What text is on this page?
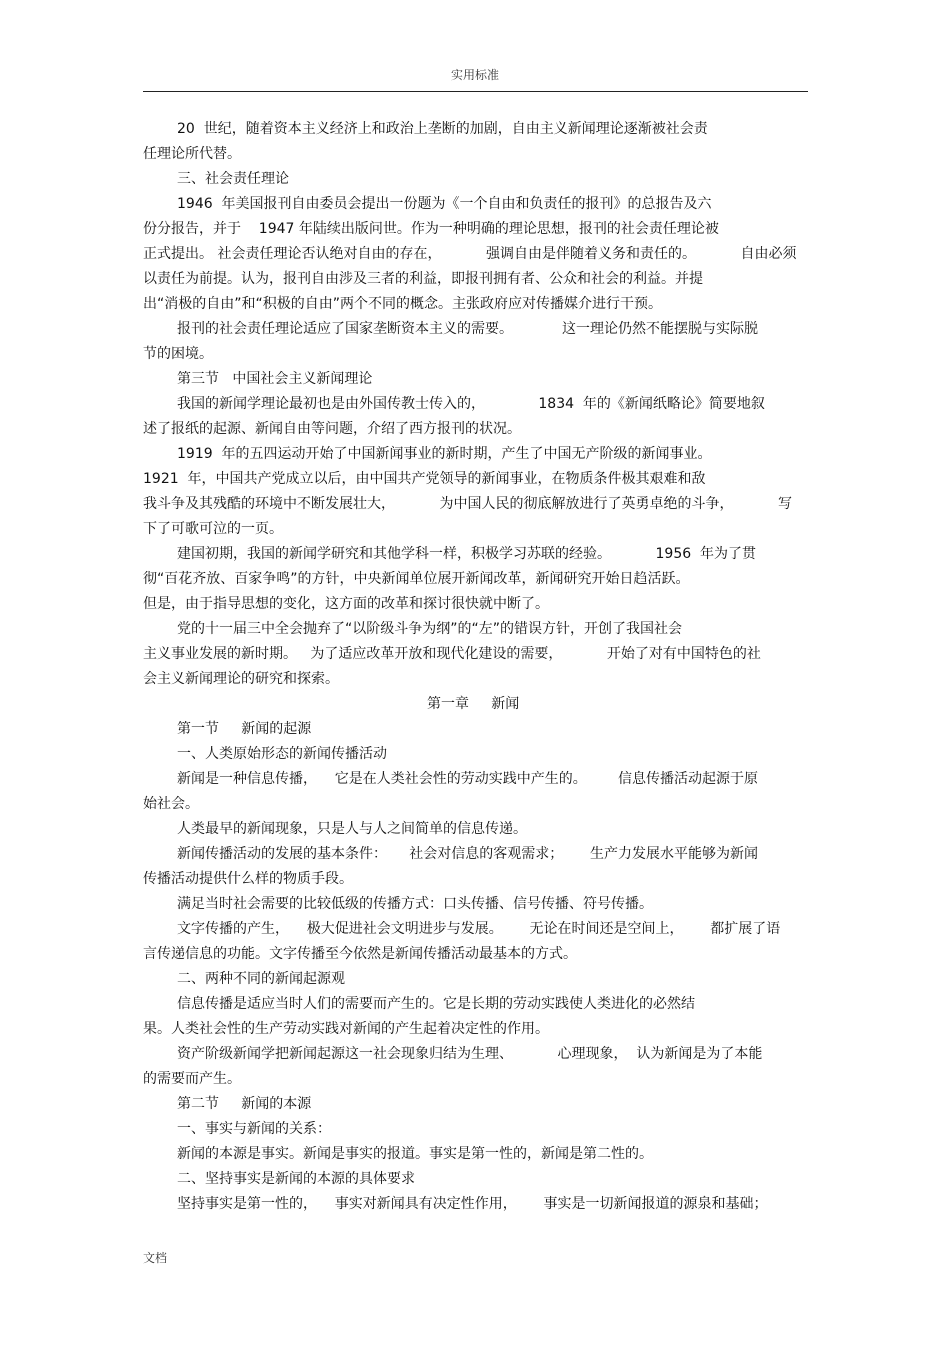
实用标准
20  世纪，随着资本主义经济上和政治上垄断的加剧，自由主义新闻理论逐渐被社会责
任理论所代替。
三、社会责任理论
1946  年美国报刊自由委员会提出一份题为《一个自由和负责任的报刊》的总报告及六
份分报告，并于    1947 年陆续出版问世。作为一种明确的理论思想，报刊的社会责任理论被
正式提出。 社会责任理论否认绝对自由的存在，          强调自由是伴随着义务和责任的。          自由必须
以责任为前提。认为，报刊自由涉及三者的利益，即报刊拥有者、公众和社会的利益。并提
出“消极的自由”和“积极的自由”两个不同的概念。主张政府应对传播媒介进行干预。
报刊的社会责任理论适应了国家垄断资本主义的需要。           这一理论仍然不能摆脱与实际脱
节的困境。
第三节   中国社会主义新闻理论
我国的新闻学理论最初也是由外国传教士传入的，            1834  年的《新闻纸略论》简要地叙
述了报纸的起源、新闻自由等问题，介绍了西方报刊的状况。
1919  年的五四运动开始了中国新闻事业的新时期，产生了中国无产阶级的新闻事业。
1921  年，中国共产党成立以后，由中国共产党领导的新闻事业，在物质条件极其艰难和敌
我斗争及其残酷的环境中不断发展壮大，          为中国人民的彻底解放进行了英勇卓绝的斗争，          写
下了可歌可泣的一页。
建国初期，我国的新闻学研究和其他学科一样，积极学习苏联的经验。          1956  年为了贯
彻“百花齐放、百家争鸣”的方针，中央新闻单位展开新闻改革，新闻研究开始日趋活跃。
但是，由于指导思想的变化，这方面的改革和探讨很快就中断了。
党的十一届三中全会抛弃了“以阶级斗争为纲”的“左”的错误方针，开创了我国社会
主义事业发展的新时期。   为了适应改革开放和现代化建设的需要，          开始了对有中国特色的社
会主义新闻理论的研究和探索。
第一章     新闻
第一节     新闻的起源
一、人类原始形态的新闻传播活动
新闻是一种信息传播，    它是在人类社会性的劳动实践中产生的。       信息传播活动起源于原
始社会。
人类最早的新闻现象，只是人与人之间简单的信息传递。
新闻传播活动的发展的基本条件：     社会对信息的客观需求；      生产力发展水平能够为新闻
传播活动提供什么样的物质手段。
满足当时社会需要的比较低级的传播方式：口头传播、信号传播、符号传播。
文字传播的产生，    极大促进社会文明进步与发展。      无论在时间还是空间上，      都扩展了语
言传递信息的功能。文字传播至今依然是新闻传播活动最基本的方式。
二、两种不同的新闻起源观
信息传播是适应当时人们的需要而产生的。它是长期的劳动实践使人类进化的必然结
果。人类社会性的生产劳动实践对新闻的产生起着决定性的作用。
资产阶级新闻学把新闻起源这一社会现象归结为生理、          心理现象，  认为新闻是为了本能
的需要而产生。
第二节     新闻的本源
一、事实与新闻的关系：
新闻的本源是事实。新闻是事实的报道。事实是第一性的，新闻是第二性的。
二、坚持事实是新闻的本源的具体要求
坚持事实是第一性的，    事实对新闻具有决定性作用，      事实是一切新闻报道的源泉和基础；
文档
